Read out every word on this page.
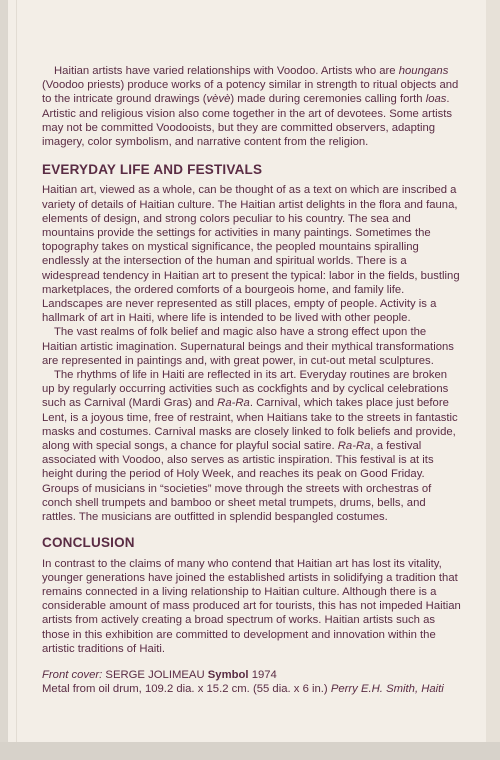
Haitian artists have varied relationships with Voodoo. Artists who are houngans (Voodoo priests) produce works of a potency similar in strength to ritual objects and to the intricate ground drawings (vèvè) made during ceremonies calling forth loas. Artistic and religious vision also come together in the art of devotees. Some artists may not be committed Voodooists, but they are committed observers, adapting imagery, color symbolism, and narrative content from the religion.

EVERYDAY LIFE AND FESTIVALS

Haitian art, viewed as a whole, can be thought of as a text on which are inscribed a variety of details of Haitian culture. The Haitian artist delights in the flora and fauna, elements of design, and strong colors peculiar to his country. The sea and mountains provide the settings for activities in many paintings. Sometimes the topography takes on mystical significance, the peopled mountains spiralling endlessly at the intersection of the human and spiritual worlds. There is a widespread tendency in Haitian art to present the typical: labor in the fields, bustling marketplaces, the ordered comforts of a bourgeois home, and family life. Landscapes are never represented as still places, empty of people. Activity is a hallmark of art in Haiti, where life is intended to be lived with other people.

The vast realms of folk belief and magic also have a strong effect upon the Haitian artistic imagination. Supernatural beings and their mythical transformations are represented in paintings and, with great power, in cut-out metal sculptures.

The rhythms of life in Haiti are reflected in its art. Everyday routines are broken up by regularly occurring activities such as cockfights and by cyclical celebrations such as Carnival (Mardi Gras) and Ra-Ra. Carnival, which takes place just before Lent, is a joyous time, free of restraint, when Haitians take to the streets in fantastic masks and costumes. Carnival masks are closely linked to folk beliefs and provide, along with special songs, a chance for playful social satire. Ra-Ra, a festival associated with Voodoo, also serves as artistic inspiration. This festival is at its height during the period of Holy Week, and reaches its peak on Good Friday. Groups of musicians in “societies” move through the streets with orchestras of conch shell trumpets and bamboo or sheet metal trumpets, drums, bells, and rattles. The musicians are outfitted in splendid bespangled costumes.

CONCLUSION

In contrast to the claims of many who contend that Haitian art has lost its vitality, younger generations have joined the established artists in solidifying a tradition that remains connected in a living relationship to Haitian culture. Although there is a considerable amount of mass produced art for tourists, this has not impeded Haitian artists from actively creating a broad spectrum of works. Haitian artists such as those in this exhibition are committed to development and innovation within the artistic traditions of Haiti.

Front cover: SERGE JOLIMEAU Symbol 1974
Metal from oil drum, 109.2 dia. x 15.2 cm. (55 dia. x 6 in.) Perry E.H. Smith, Haiti
